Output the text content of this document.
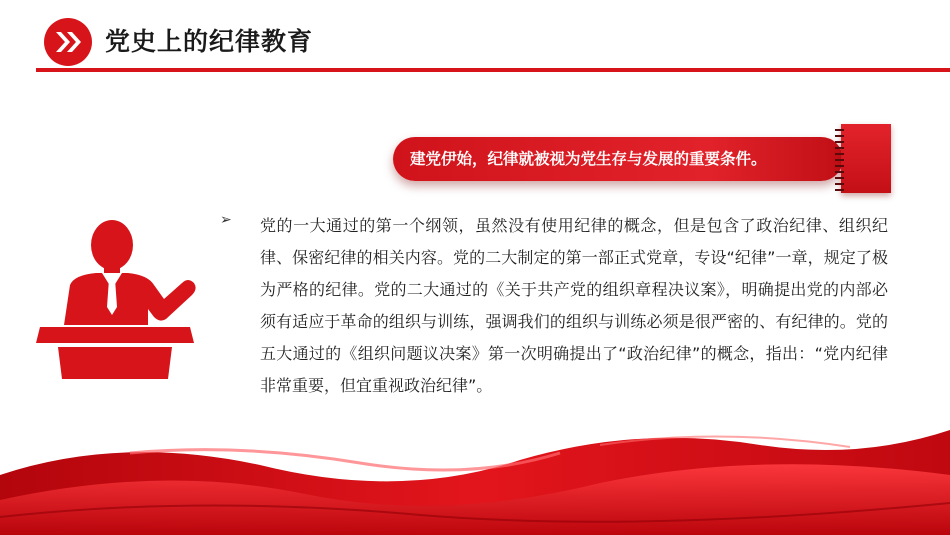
党史上的纪律教育
建党伊始，纪律就被视为党生存与发展的重要条件。
➢ 党的一大通过的第一个纲领，虽然没有使用纪律的概念，但是包含了政治纪律、组织纪律、保密纪律的相关内容。党的二大制定的第一部正式党章，专设“纪律”一章，规定了极为严格的纪律。党的二大通过的《关于共产党的组织章程决议案》，明确提出党的内部必须有适应于革命的组织与训练，强调我们的组织与训练必须是很严密的、有纪律的。党的五大通过的《组织问题议决案》第一次明确提出了“政治纪律”的概念，指出：“党内纪律非常重要，但宜重视政治纪律”。
